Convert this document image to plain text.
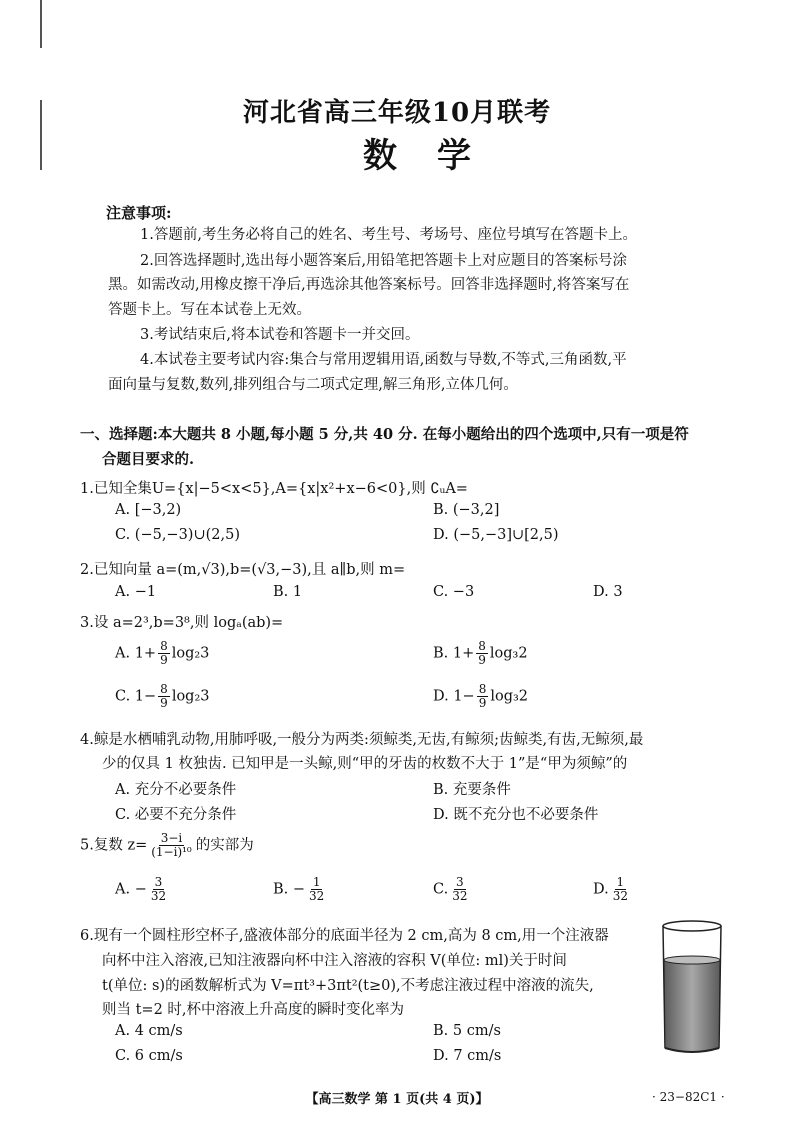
河北省高三年级10月联考
数学
注意事项:
1.答题前,考生务必将自己的姓名、考生号、考场号、座位号填写在答题卡上。
2.回答选择题时,选出每小题答案后,用铅笔把答题卡上对应题目的答案标号涂
黑。如需改动,用橡皮擦干净后,再选涂其他答案标号。回答非选择题时,将答案写在
答题卡上。写在本试卷上无效。
3.考试结束后,将本试卷和答题卡一并交回。
4.本试卷主要考试内容:集合与常用逻辑用语,函数与导数,不等式,三角函数,平
面向量与复数,数列,排列组合与二项式定理,解三角形,立体几何。
一、选择题:本大题共 8 小题,每小题 5 分,共 40 分. 在每小题给出的四个选项中,只有一项是符
合题目要求的.
1.已知全集U={x|−5<x<5},A={x|x²+x−6<0},则 ∁ᵤA=
A. [−3,2)	B. (−3,2]
C. (−5,−3)∪(2,5)	D. (−5,−3]∪[2,5)
2.已知向量 a=(m,√3),b=(√3,−3),且 a∥b,则 m=
A. −1	B. 1	C. −3	D. 3
3.设 a=2³,b=3⁸,则 logₐ(ab)=
A. $1+ \frac{8}{9} \log_23$	B. $1+ \frac{8}{9} \log_32$
C. $1- \frac{8}{9} \log_23$	D. $1- \frac{8}{9} \log_32$
4.鲸是水栖哺乳动物,用肺呼吸,一般分为两类:须鲸类,无齿,有鲸须;齿鲸类,有齿,无鲸须,最
少的仅具 1 枚独齿. 已知甲是一头鲸,则“甲的牙齿的枚数不大于 1”是“甲为须鲸”的
A. 充分不必要条件	B. 充要条件
C. 必要不充分条件	D. 既不充分也不必要条件
5.复数 $z= \frac{3-i}{\text{(1−i)¹⁰}}$ 的实部为
A. − $\frac{3}{32}$	B. − $\frac{1}{32}$	C. $\frac{3}{32}$	D. $\frac{1}{32}$
6.现有一个圆柱形空杯子,盛液体部分的底面半径为 2 cm,高为 8 cm,用一个注液器
向杯中注入溶液,已知注液器向杯中注入溶液的容积 V(单位: ml)关于时间
t(单位: s)的函数解析式为 V=πt³+3πt²(t≥0),不考虑注液过程中溶液的流失,
则当 t=2 时,杯中溶液上升高度的瞬时变化率为
A. 4 cm/s	B. 5 cm/s
C. 6 cm/s	D. 7 cm/s
【高三数学 第 1 页(共 4 页)】	· 23−82C1 ·
